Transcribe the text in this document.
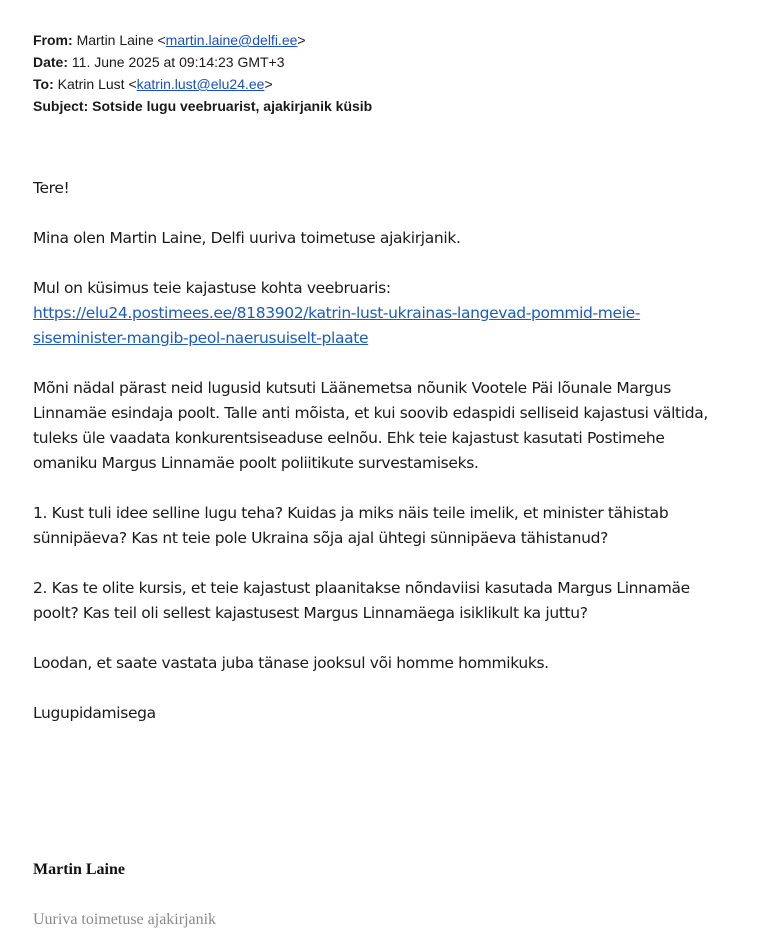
From: Martin Laine <martin.laine@delfi.ee>
Date: 11. June 2025 at 09:14:23 GMT+3
To: Katrin Lust <katrin.lust@elu24.ee>
Subject: Sotside lugu veebruarist, ajakirjanik küsib

Tere!

Mina olen Martin Laine, Delfi uuriva toimetuse ajakirjanik.

Mul on küsimus teie kajastuse kohta veebruaris:
https://elu24.postimees.ee/8183902/katrin-lust-ukrainas-langevad-pommid-meie-siseminister-mangib-peol-naerusuiselt-plaate

Mõni nädal pärast neid lugusid kutsuti Läänemetsa nõunik Vootele Päi lõunale Margus Linnamäe esindaja poolt. Talle anti mõista, et kui soovib edaspidi selliseid kajastusi vältida, tuleks üle vaadata konkurentsiseaduse eelnõu. Ehk teie kajastust kasutati Postimehe omaniku Margus Linnamäe poolt poliitikute survestamiseks.

1. Kust tuli idee selline lugu teha? Kuidas ja miks näis teile imelik, et minister tähistab sünnipäeva? Kas nt teie pole Ukraina sõja ajal ühtegi sünnipäeva tähistanud?

2. Kas te olite kursis, et teie kajastust plaanitakse nõndaviisi kasutada Margus Linnamäe poolt? Kas teil oli sellest kajastusest Margus Linnamäega isiklikult ka juttu?

Loodan, et saate vastata juba tänase jooksul või homme hommikuks.

Lugupidamisega

Martin Laine
Uuriva toimetuse ajakirjanik
